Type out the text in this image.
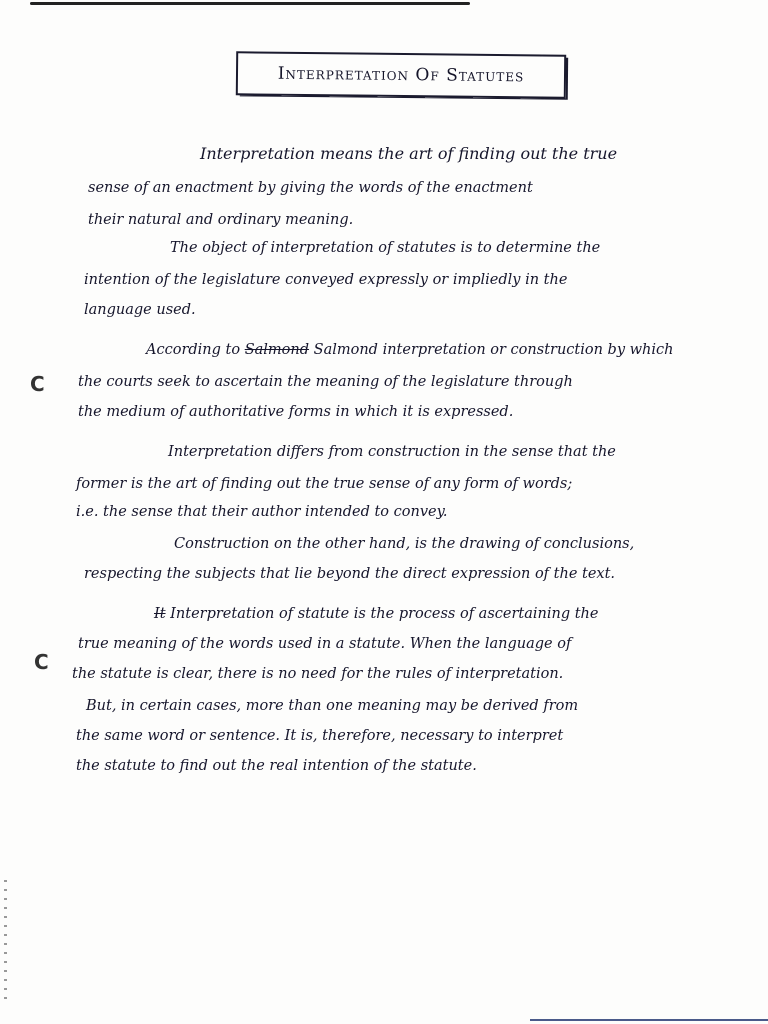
Interpretation Of Statutes
C
C
Interpretation means the art of finding out the true
sense of an enactment by giving the words of the enactment
their natural and ordinary meaning.
The object of interpretation of statutes is to determine the
intention of the legislature conveyed expressly or impliedly in the
language used.
According to Salmond Salmond interpretation or construction by which
the courts seek to ascertain the meaning of the legislature through
the medium of authoritative forms in which it is expressed.
Interpretation differs from construction in the sense that the
former is the art of finding out the true sense of any form of words;
i.e. the sense that their author intended to convey.
Construction on the other hand, is the drawing of conclusions,
respecting the subjects that lie beyond the direct expression of the text.
It Interpretation of statute is the process of ascertaining the
true meaning of the words used in a statute. When the language of
the statute is clear, there is no need for the rules of interpretation.
But, in certain cases, more than one meaning may be derived from
the same word or sentence. It is, therefore, necessary to interpret
the statute to find out the real intention of the statute.
